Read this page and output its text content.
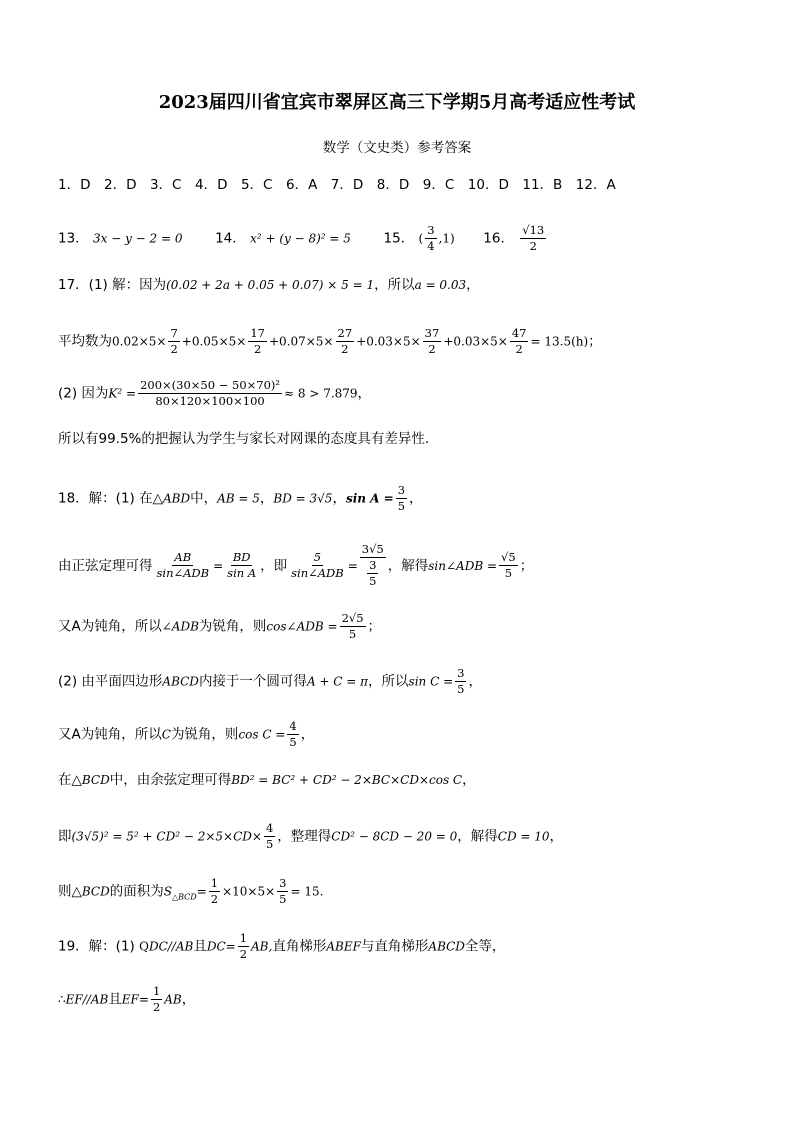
2023届四川省宜宾市翠屏区高三下学期5月高考适应性考试
数学（文史类）参考答案
1．D　2．D　3．C　4．D　5．C　6．A　7．D　8．D　9．C　10．D　11．B　12．A
13． 3x − y − 2 = 0 14． x² + (y − 8)² = 5 15． ( $\frac{3}{4} ,1$) 16． $\frac{√13}{2}$
17．(1) 解：因为(0.02 + 2a + 0.05 + 0.07) × 5 = 1，所以a = 0.03，
平均数为$0.02\times 5\times \frac{7}{2} +0.05\times 5\times \frac{17}{2} +0.07\times 5\times \frac{27}{2} +0.03\times 5\times \frac{37}{2} +0.03\times 5\times \frac{47}{2} = 13.5(h)$；
(2) 因为$K^2 = \frac{\text{200×(30×50 − 50×70)²}}{80\times 120\times 100\times 100} \approx 8 > 7.879$，
所以有99.5%的把握认为学生与家长对网课的态度具有差异性．
18．解：(1) 在△ABD中，AB = 5，BD = 3√5，$\sin A = \frac{3}{5}$ ，
由正弦定理可得 $\frac{AB}{\text{sin∠ADB}} = \frac{BD}{\text{sin A}}$ ，即 $\frac{5}{\text{sin∠ADB}} = \frac{3√5}{\frac{3}{5}}$ ，解得sin∠ADB = $\frac{√5}{5}$ ；
又A为钝角，所以∠ADB为锐角，则cos∠ADB = $\frac{2√5}{5}$ ；
(2) 由平面四边形ABCD内接于一个圆可得A + C = π，所以$\sin C = \frac{3}{5}$ ，
又A为钝角，所以C为锐角，则$\cos C = \frac{4}{5}$ ，
在△BCD中，由余弦定理可得BD² = BC² + CD² − 2×BC×CD×cos C，
即$(3√5)^2 = 5^2 + CD^2 - 2\times 5\times CD\times \frac{4}{5}$ ，整理得CD² − 8CD − 20 = 0，解得CD = 10，
则△BCD的面积为$S_{\triangle BCD}= \frac{1}{2} \times 10\times 5\times \frac{3}{5} = 15$.
19．解：(1) QDC//AB且$DC= \frac{1}{2}$ AB,直角梯形ABEF与直角梯形ABCD全等，
∴EF//AB且$EF= \frac{1}{2}$ AB，
